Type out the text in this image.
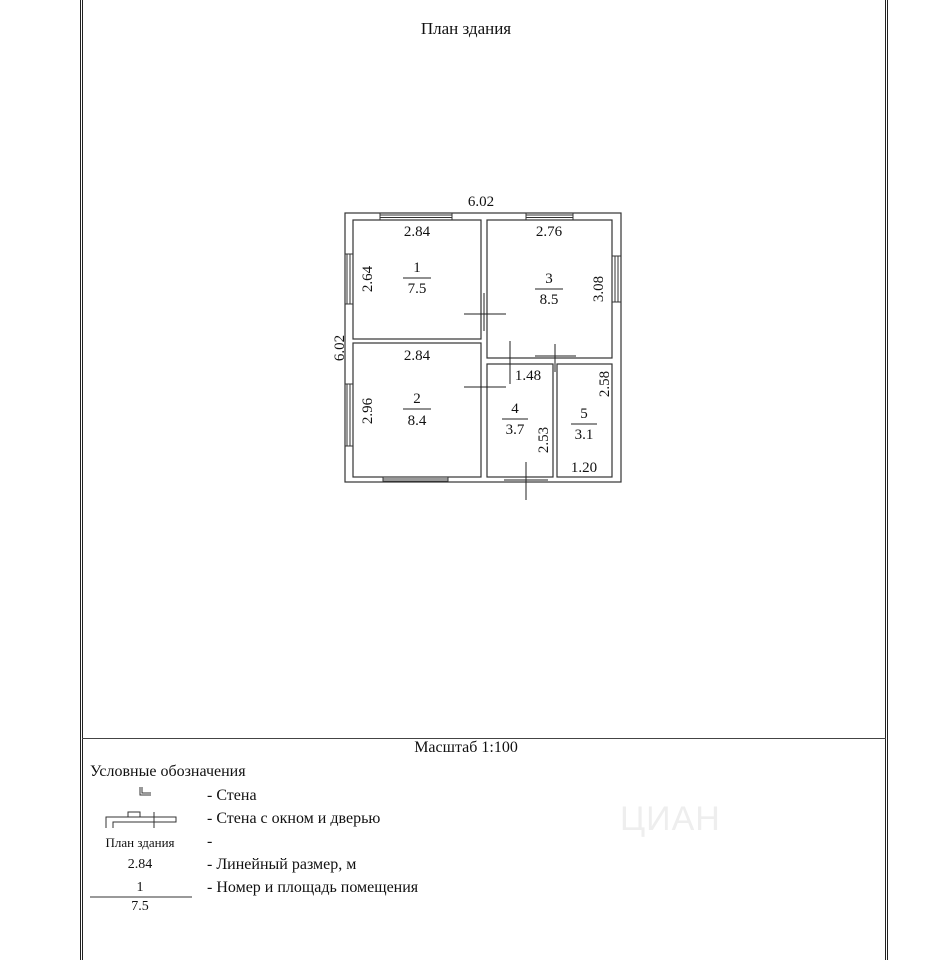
План здания
6.02
6.02
2.84
2.64 1
7.5
2.84
2.96 2
8.4
2.76
3.08
3
8.5
1.48
2.53
4
3.7
1.20
2.58
5
3.1
Масштаб 1:100
ЦИАН
Условные обозначения
План здания
2.84
1
7.5
- Стена
- Стена с окном и дверью
-
- Линейный размер, м
- Номер и площадь помещения
